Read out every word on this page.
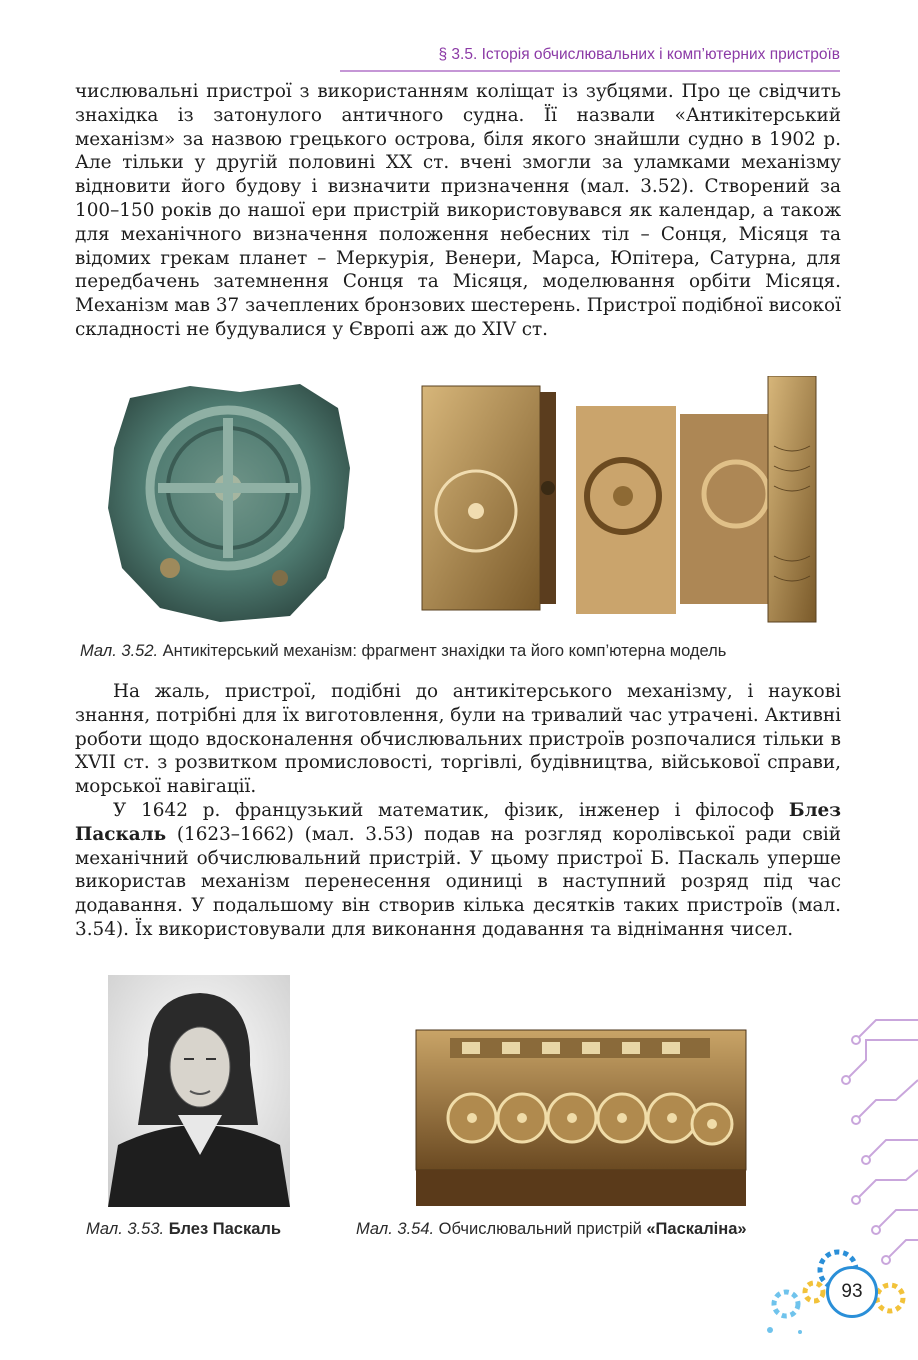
§ 3.5. Історія обчислювальних і комп’ютерних пристроїв

числювальні пристрої з використанням коліщат із зубцями. Про це свідчить знахідка із затонулого античного судна. Її назвали «Антикітерський механізм» за назвою грецького острова, біля якого знайшли судно в 1902 р. Але тільки у другій половині XX ст. вчені змогли за уламками механізму відновити його будову і визначити призначення (мал. 3.52). Створений за 100–150 років до нашої ери пристрій використовувався як календар, а також для механічного визначення положення небесних тіл – Сонця, Місяця та відомих грекам планет – Меркурія, Венери, Марса, Юпітера, Сатурна, для передбачень затемнення Сонця та Місяця, моделювання орбіти Місяця. Механізм мав 37 зачеплених бронзових шестерень. Пристрої подібної високої складності не будувалися у Європі аж до XIV ст.

Мал. 3.52. Антикітерський механізм: фрагмент знахідки та його комп’ютерна модель

На жаль, пристрої, подібні до антикітерського механізму, і наукові знання, потрібні для їх виготовлення, були на тривалий час утрачені. Активні роботи щодо вдосконалення обчислювальних пристроїв розпочалися тільки в XVII ст. з розвитком промисловості, торгівлі, будівництва, військової справи, морської навігації.

У 1642 р. французький математик, фізик, інженер і філософ Блез Паскаль (1623–1662) (мал. 3.53) подав на розгляд королівської ради свій механічний обчислювальний пристрій. У цьому пристрої Б. Паскаль уперше використав механізм перенесення одиниці в наступний розряд під час додавання. У подальшому він створив кілька десятків таких пристроїв (мал. 3.54). Їх використовували для виконання додавання та віднімання чисел.

Мал. 3.53. Блез Паскаль	Мал. 3.54. Обчислювальний пристрій «Паскаліна»
93
